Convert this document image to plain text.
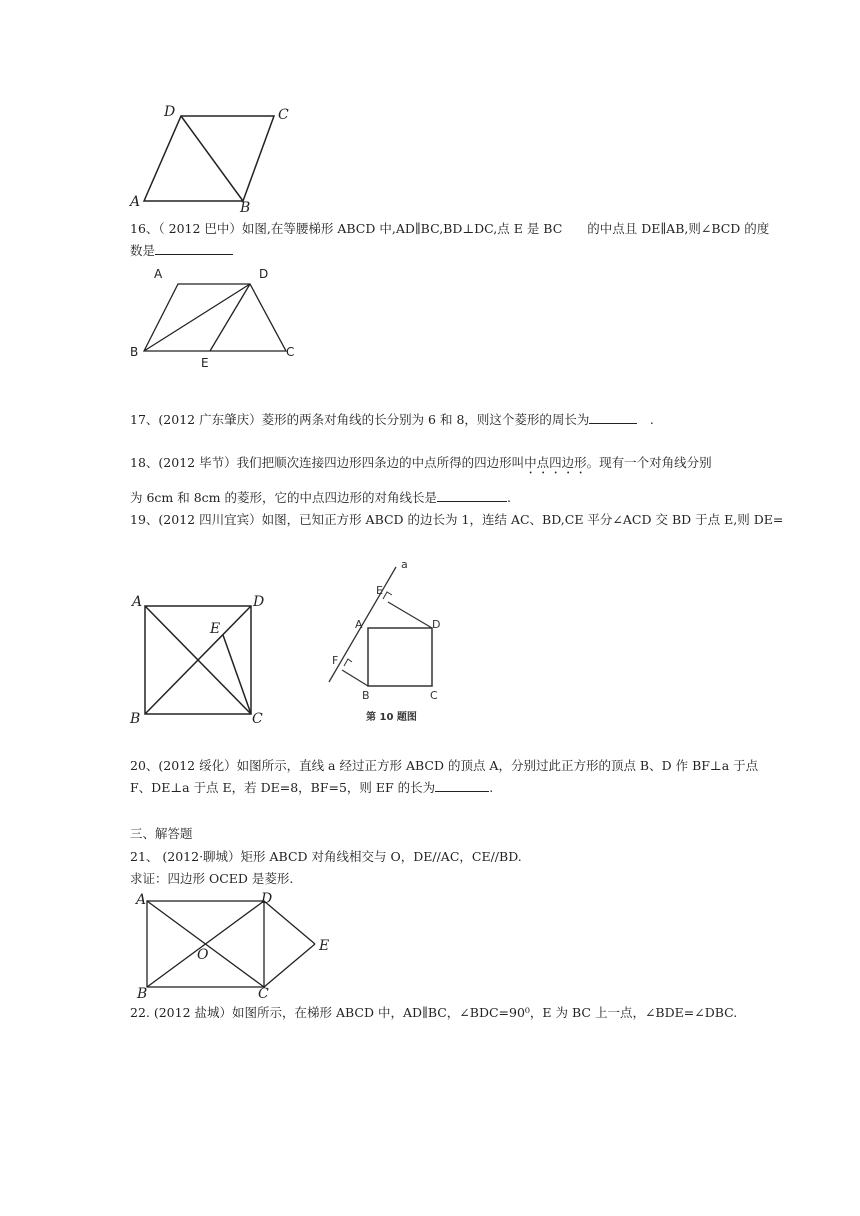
D	C
A	B
16、（ 2012 巴中）如图,在等腰梯形 ABCD 中,AD∥BC,BD⊥DC,点 E 是 BC　　的中点且 DE∥AB,则∠BCD 的度
数是
A	D
B
E
C
17、(2012 广东肇庆）菱形的两条对角线的长分别为 6 和 8，则这个菱形的周长为	　.
18、(2012 毕节）我们把顺次连接四边形四条边的中点所得的四边形叫中点四边形。现有一个对角线分别
为 6cm 和 8cm 的菱形，它的中点四边形的对角线长是	.
19、(2012 四川宜宾）如图，已知正方形 ABCD 的边长为 1，连结 AC、BD,CE 平分∠ACD 交 BD 于点 E,则 DE=
A	D
E
B	C
a
E
A	D
F
B	C
第 10 题图
20、(2012 绥化）如图所示，直线 a 经过正方形 ABCD 的顶点 A，分别过此正方形的顶点 B、D 作 BF⊥a 于点
F、DE⊥a 于点 E，若 DE=8，BF=5，则 EF 的长为	.
三、解答题
21、 (2012·聊城）矩形 ABCD 对角线相交与 O，DE//AC，CE//BD.
求证：四边形 OCED 是菱形.
A	D
E
O
B	C
22. (2012 盐城）如图所示，在梯形 ABCD 中，AD∥BC，∠BDC=90⁰，E 为 BC 上一点，∠BDE=∠DBC.
